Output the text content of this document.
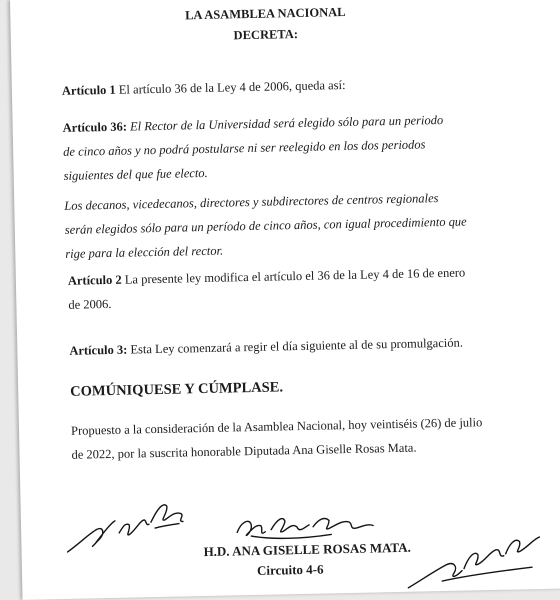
LA ASAMBLEA NACIONAL
DECRETA:
Artículo 1 El artículo 36 de la Ley 4 de 2006, queda así:
Artículo 36: El Rector de la Universidad será elegido sólo para un periodo de cinco años y no podrá postularse ni ser reelegido en los dos periodos siguientes del que fue electo.
Los decanos, vicedecanos, directores y subdirectores de centros regionales serán elegidos sólo para un período de cinco años, con igual procedimiento que rige para la elección del rector.
Artículo 2 La presente ley modifica el artículo el 36 de la Ley 4 de 16 de enero de 2006.
Artículo 3: Esta Ley comenzará a regir el día siguiente al de su promulgación.
COMÚNIQUESE Y CÚMPLASE.
Propuesto a la consideración de la Asamblea Nacional, hoy veintiséis (26) de julio de 2022, por la suscrita honorable Diputada Ana Giselle Rosas Mata.
H.D. ANA GISELLE ROSAS MATA.
Circuito 4-6
